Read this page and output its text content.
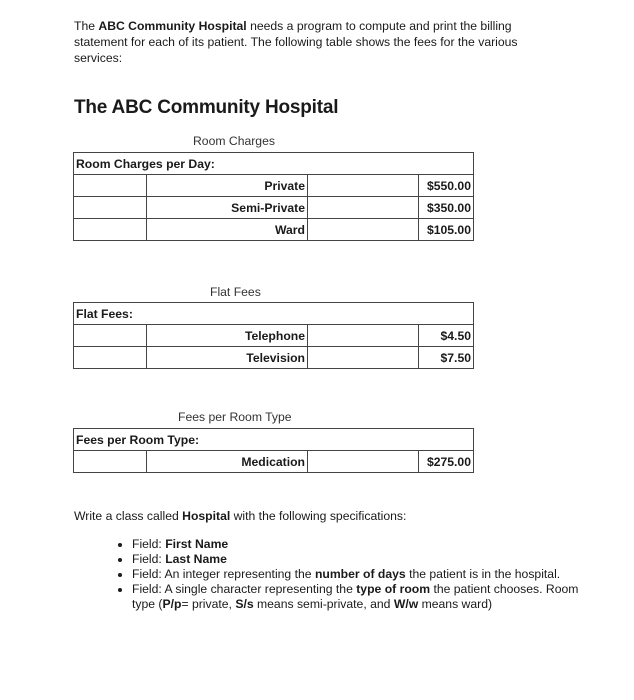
The ABC Community Hospital needs a program to compute and print the billing statement for each of its patient. The following table shows the fees for the various services:
The ABC Community Hospital
Room Charges
Room Charges per Day:			
	Private		$550.00
	Semi-Private		$350.00
	Ward		$105.00
Flat Fees
Flat Fees:			
	Telephone		$4.50
	Television		$7.50
Fees per Room Type
Fees per Room Type:
	Medication		$275.00
Write a class called Hospital with the following specifications:
• Field: First Name
• Field: Last Name
• Field: An integer representing the number of days the patient is in the hospital.
• Field: A single character representing the type of room the patient chooses. Room type (P/p= private, S/s means semi-private, and W/w means ward)
